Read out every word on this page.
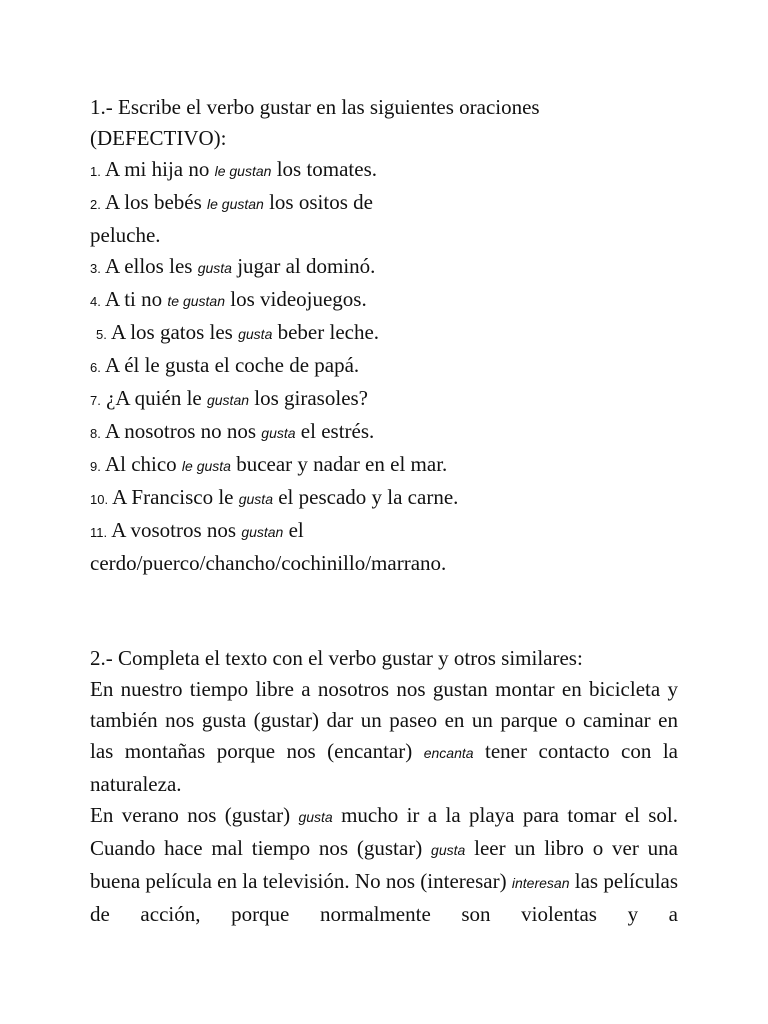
1.- Escribe el verbo gustar en las siguientes oraciones

(DEFECTIVO):

1. A mi hija no le gustan los tomates.

2. A los bebés le gustan los ositos de

peluche.

3. A ellos les gusta jugar al dominó.

4. A ti no te gustan los videojuegos.

5. A los gatos les gusta beber leche.

6. A él le gusta el coche de papá.

7. ¿A quién le gustan los girasoles?

8. A nosotros no nos gusta el estrés.

9. Al chico le gusta bucear y nadar en el mar.

10. A Francisco le gusta el pescado y la carne.

11. A vosotros nos gustan el

cerdo/puerco/chancho/cochinillo/marrano.

2.- Completa el texto con el verbo gustar y otros similares:

En nuestro tiempo libre a nosotros nos gustan montar en bicicleta y también nos gusta (gustar) dar un paseo en un parque o caminar en las montañas porque nos (encantar) encanta tener contacto con la naturaleza.

En verano nos (gustar) gusta mucho ir a la playa para tomar el sol. Cuando hace mal tiempo nos (gustar) gusta leer un libro o ver una buena película en la televisión. No nos (interesar) interesan las películas de acción, porque normalmente son violentas y a
